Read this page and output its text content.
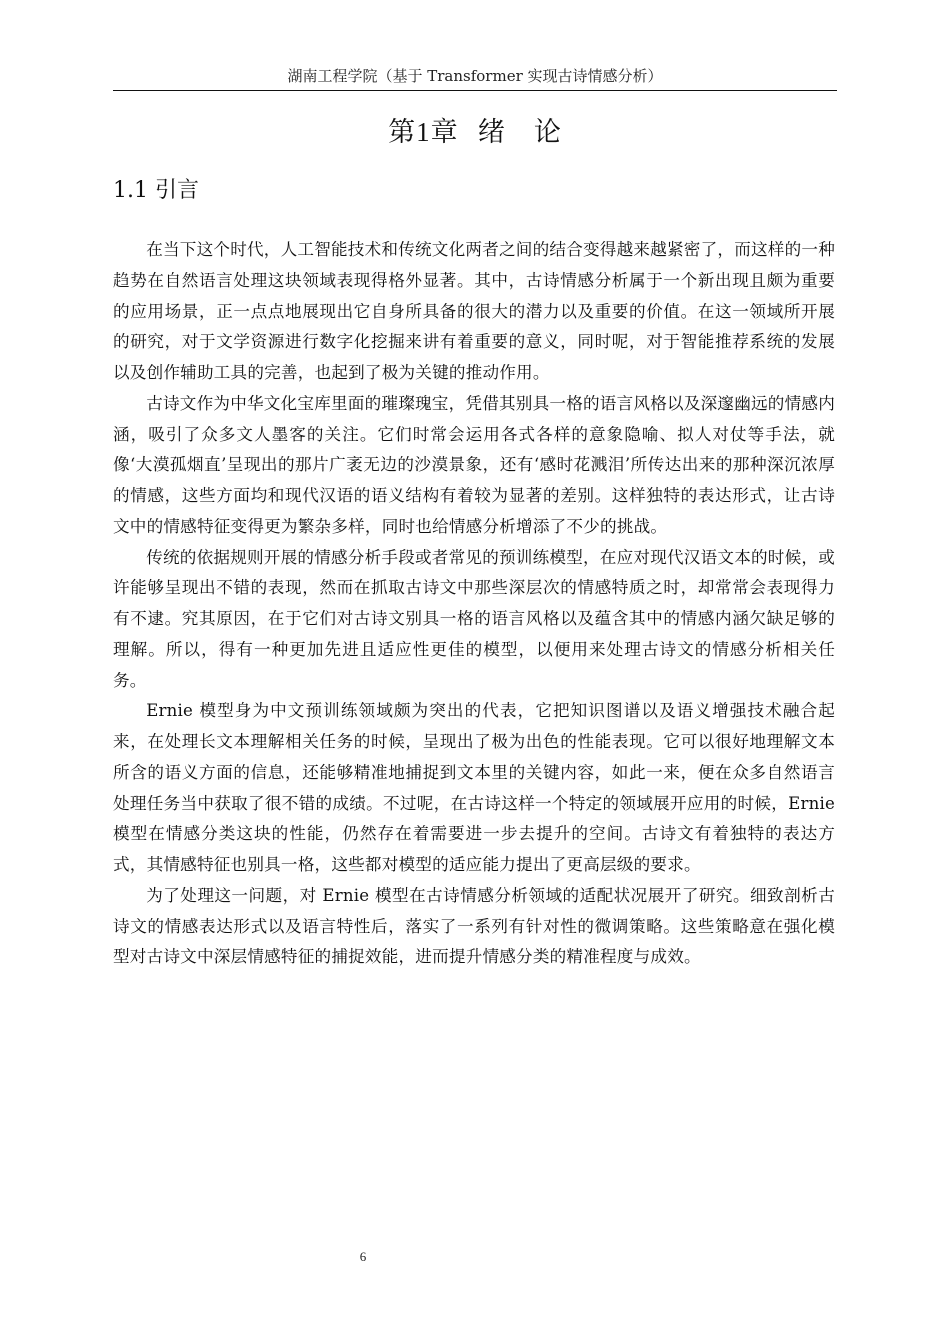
湖南工程学院（基于 Transformer 实现古诗情感分析）
第1章  绪　论
1.1 引言

在当下这个时代，人工智能技术和传统文化两者之间的结合变得越来越紧密了，而这样的一种趋势在自然语言处理这块领域表现得格外显著。其中，古诗情感分析属于一个新出现且颇为重要的应用场景，正一点点地展现出它自身所具备的很大的潜力以及重要的价值。在这一领域所开展的研究，对于文学资源进行数字化挖掘来讲有着重要的意义，同时呢，对于智能推荐系统的发展以及创作辅助工具的完善，也起到了极为关键的推动作用。

古诗文作为中华文化宝库里面的璀璨瑰宝，凭借其别具一格的语言风格以及深邃幽远的情感内涵，吸引了众多文人墨客的关注。它们时常会运用各式各样的意象隐喻、拟人对仗等手法，就像‘大漠孤烟直’呈现出的那片广袤无边的沙漠景象，还有‘感时花溅泪’所传达出来的那种深沉浓厚的情感，这些方面均和现代汉语的语义结构有着较为显著的差别。这样独特的表达形式，让古诗文中的情感特征变得更为繁杂多样，同时也给情感分析增添了不少的挑战。

传统的依据规则开展的情感分析手段或者常见的预训练模型，在应对现代汉语文本的时候，或许能够呈现出不错的表现，然而在抓取古诗文中那些深层次的情感特质之时，却常常会表现得力有不逮。究其原因，在于它们对古诗文别具一格的语言风格以及蕴含其中的情感内涵欠缺足够的理解。所以，得有一种更加先进且适应性更佳的模型，以便用来处理古诗文的情感分析相关任务。

Ernie 模型身为中文预训练领域颇为突出的代表，它把知识图谱以及语义增强技术融合起来，在处理长文本理解相关任务的时候，呈现出了极为出色的性能表现。它可以很好地理解文本所含的语义方面的信息，还能够精准地捕捉到文本里的关键内容，如此一来，便在众多自然语言处理任务当中获取了很不错的成绩。不过呢，在古诗这样一个特定的领域展开应用的时候，Ernie 模型在情感分类这块的性能，仍然存在着需要进一步去提升的空间。古诗文有着独特的表达方式，其情感特征也别具一格，这些都对模型的适应能力提出了更高层级的要求。

为了处理这一问题，对 Ernie 模型在古诗情感分析领域的适配状况展开了研究。细致剖析古诗文的情感表达形式以及语言特性后，落实了一系列有针对性的微调策略。这些策略意在强化模型对古诗文中深层情感特征的捕捉效能，进而提升情感分类的精准程度与成效。

6
